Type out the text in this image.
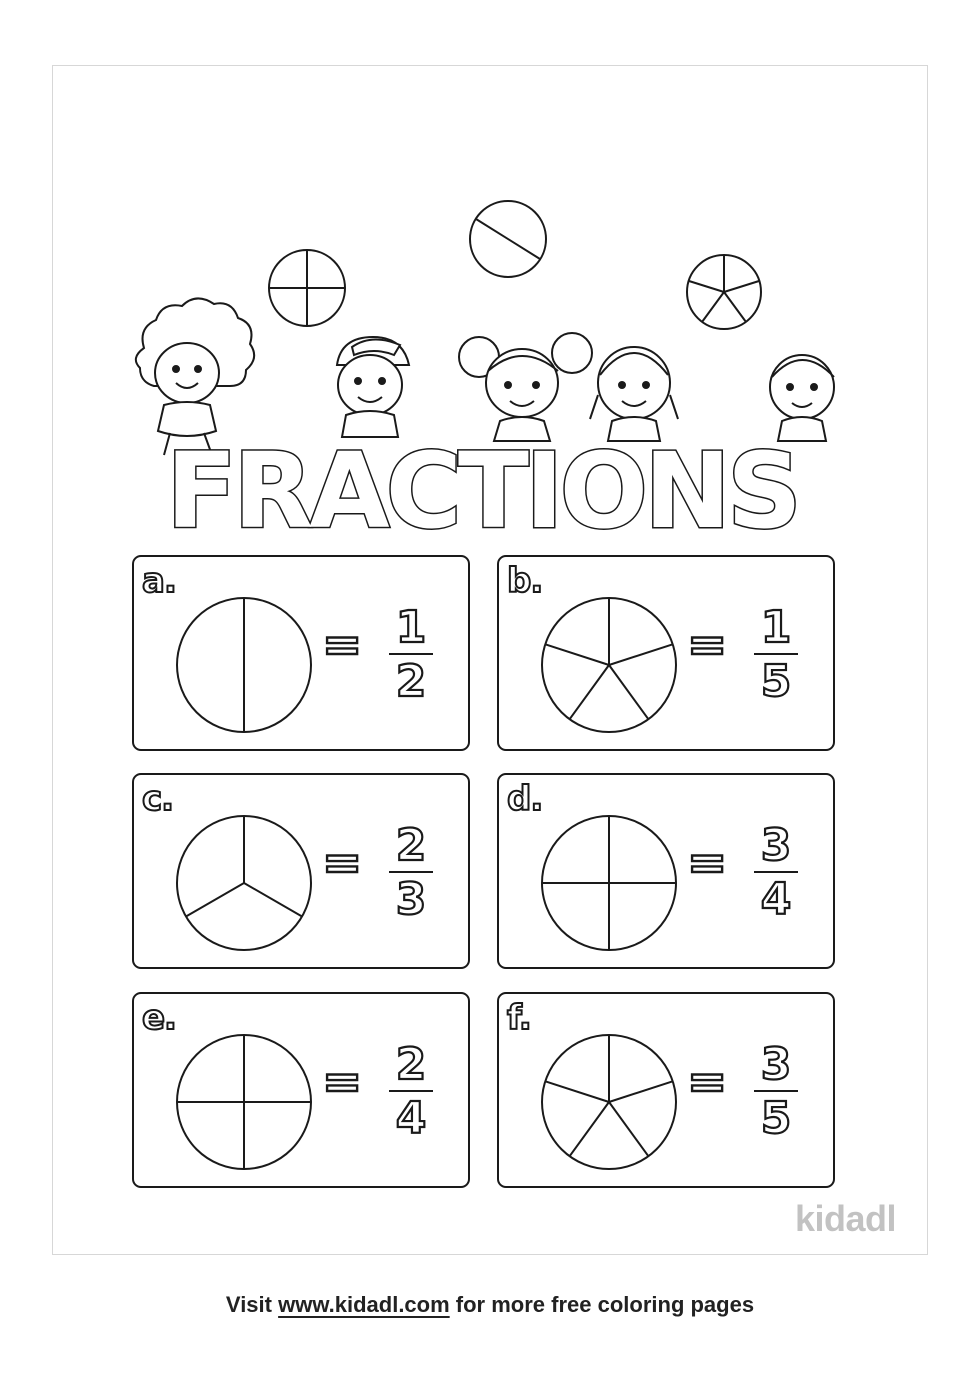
FRACTIONS
a.
= 1
2
b.
= 1
5
c.
= 2
3
d.
= 3
4
e.
= 2
4
f.
= 3
5
kidadl
Visit www.kidadl.com for more free coloring pages
